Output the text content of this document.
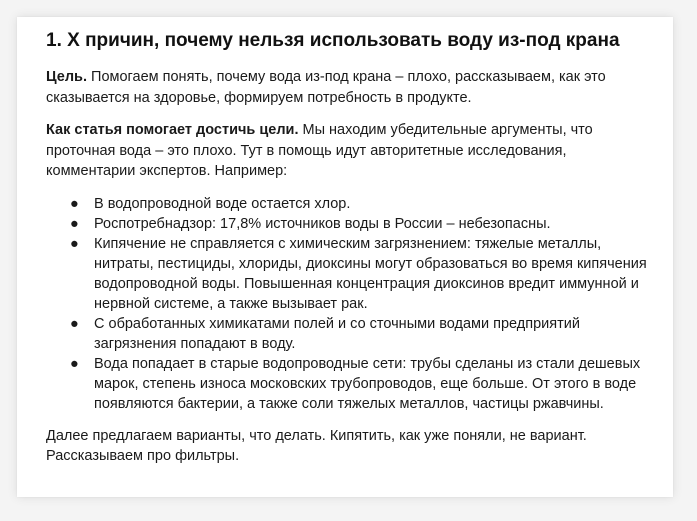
1. X причин, почему нельзя использовать воду из-под крана

Цель. Помогаем понять, почему вода из-под крана – плохо, рассказываем, как это сказывается на здоровье, формируем потребность в продукте.

Как статья помогает достичь цели. Мы находим убедительные аргументы, что проточная вода – это плохо. Тут в помощь идут авторитетные исследования, комментарии экспертов. Например:

● В водопроводной воде остается хлор.
● Роспотребнадзор: 17,8% источников воды в России – небезопасны.
● Кипячение не справляется с химическим загрязнением: тяжелые металлы, нитраты, пестициды, хлориды, диоксины могут образоваться во время кипячения водопроводной воды. Повышенная концентрация диоксинов вредит иммунной и нервной системе, а также вызывает рак.
● С обработанных химикатами полей и со сточными водами предприятий загрязнения попадают в воду.
● Вода попадает в старые водопроводные сети: трубы сделаны из стали дешевых марок, степень износа московских трубопроводов, еще больше. От этого в воде появляются бактерии, а также соли тяжелых металлов, частицы ржавчины.

Далее предлагаем варианты, что делать. Кипятить, как уже поняли, не вариант. Рассказываем про фильтры.
